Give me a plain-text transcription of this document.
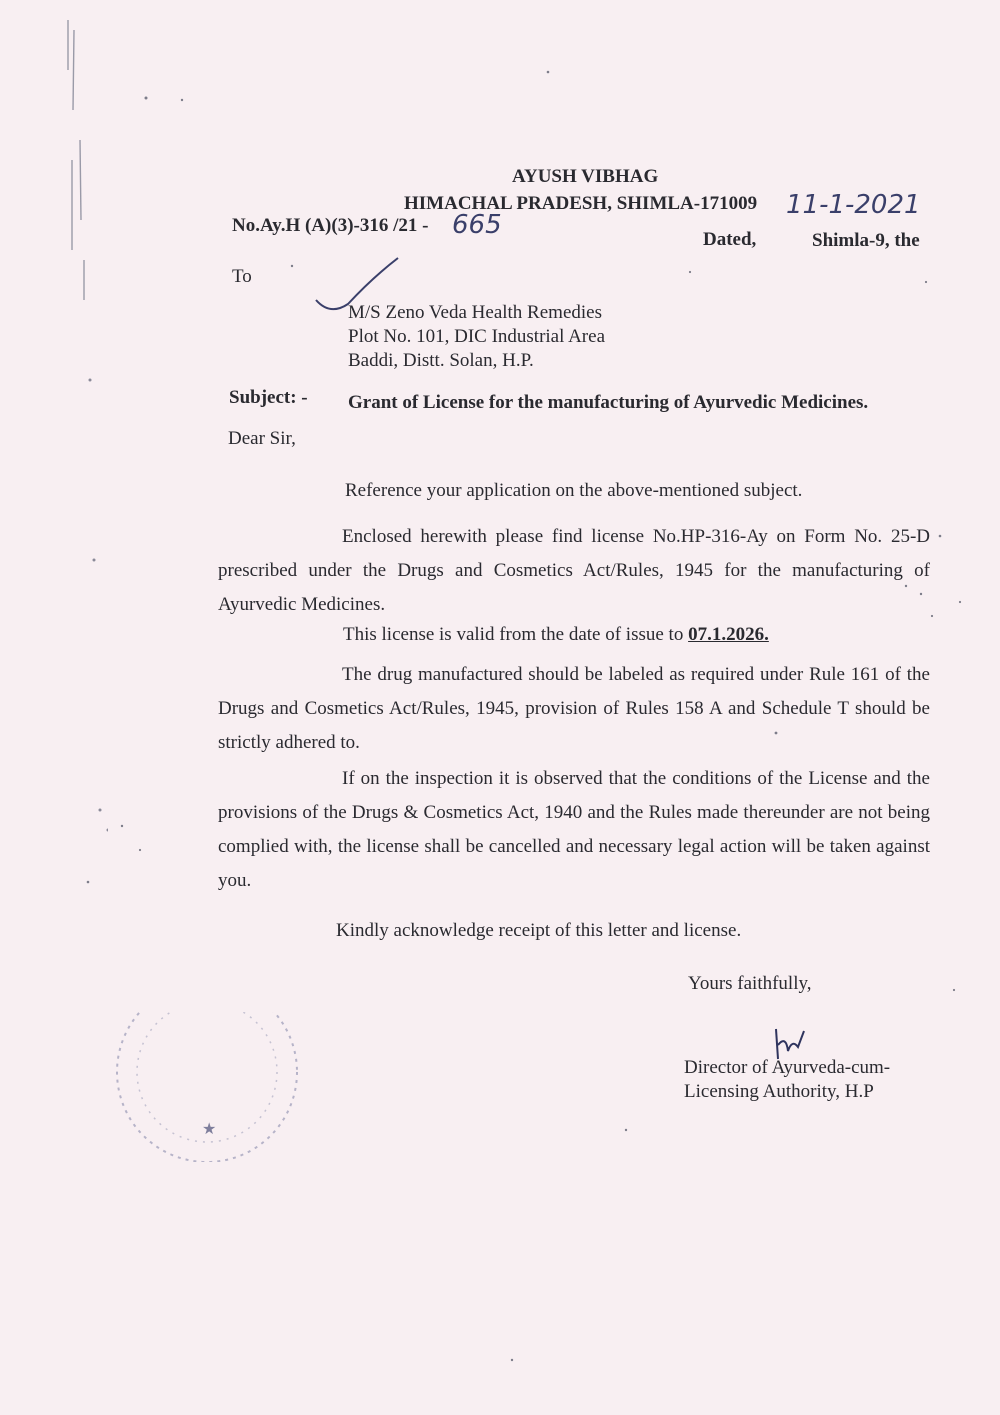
AYUSH VIBHAG
HIMACHAL PRADESH, SHIMLA-171009 11-1-2021
No.Ay.H (A)(3)-316 /21 - 665	Dated,	Shimla-9, the
To
M/S Zeno Veda Health Remedies
Plot No. 101, DIC Industrial Area
Baddi, Distt. Solan, H.P.
Subject: - Grant of License for the manufacturing of Ayurvedic Medicines.
Dear Sir,
Reference your application on the above-mentioned subject.
Enclosed herewith please find license No.HP-316-Ay on Form No. 25-D prescribed under the Drugs and Cosmetics Act/Rules, 1945 for the manufacturing of Ayurvedic Medicines.
This license is valid from the date of issue to 07.1.2026.
The drug manufactured should be labeled as required under Rule 161 of the Drugs and Cosmetics Act/Rules, 1945, provision of Rules 158 A and Schedule T should be strictly adhered to.
If on the inspection it is observed that the conditions of the License and the provisions of the Drugs & Cosmetics Act, 1940 and the Rules made thereunder are not being complied with, the license shall be cancelled and necessary legal action will be taken against you.
Kindly acknowledge receipt of this letter and license.
Yours faithfully,
Director of Ayurveda-cum-
Licensing Authority, H.P
★
